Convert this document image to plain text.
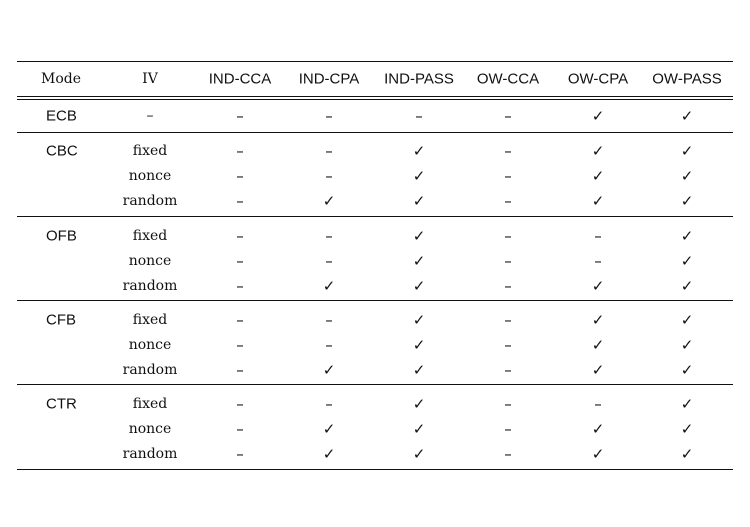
Mode	IV	IND-CCA IND-CPA IND-PASS OW-CCA OW-CPA OW-PASS
ECB	–	–	–	–	–	✓	✓
CBC	fixed	–	–	✓	–	✓	✓
nonce	–	–	✓	–	✓	✓
random	–	✓	✓	–	✓	✓
OFB	fixed	–	–	✓	–	–	✓
nonce	–	–	✓	–	–	✓
random	–	✓	✓	–	✓	✓
CFB	fixed	–	–	✓	–	✓	✓
nonce	–	–	✓	–	✓	✓
random	–	✓	✓	–	✓	✓
CTR	fixed	–	–	✓	–	–	✓
nonce	–	✓	✓	–	✓	✓
random	–	✓	✓	–	✓	✓
